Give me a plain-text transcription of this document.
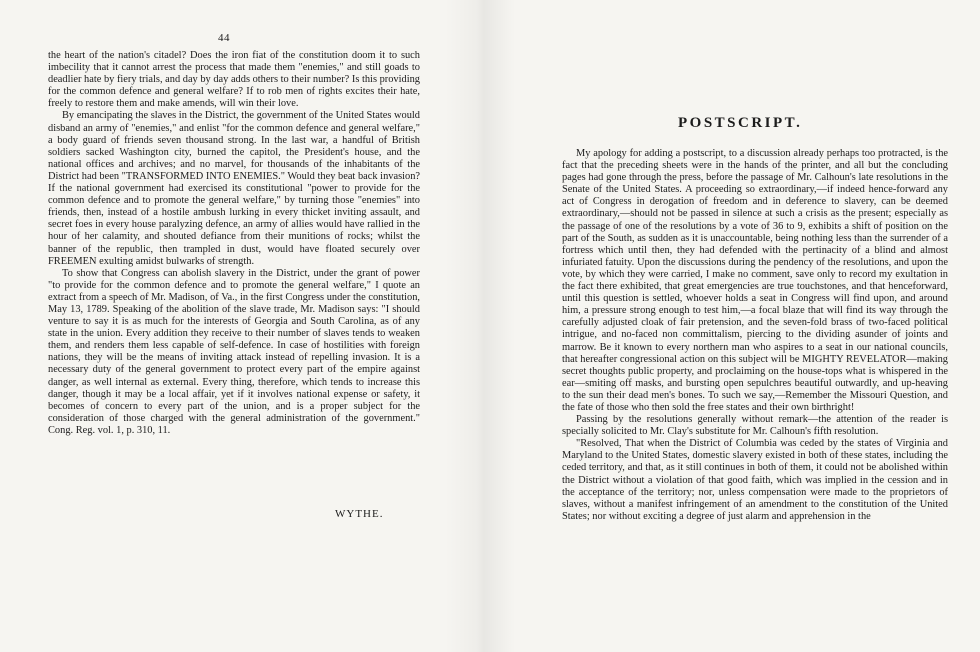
44

the heart of the nation's citadel? Does the iron fiat of the constitution doom it to such imbecility that it cannot arrest the process that made them "enemies," and still goads to deadlier hate by fiery trials, and day by day adds others to their number? Is this providing for the common defence and general welfare? If to rob men of rights excites their hate, freely to restore them and make amends, will win their love.

By emancipating the slaves in the District, the government of the United States would disband an army of "enemies," and enlist "for the common defence and general welfare," a body guard of friends seven thousand strong. In the last war, a handful of British soldiers sacked Washington city, burned the capitol, the President's house, and the national offices and archives; and no marvel, for thousands of the inhabitants of the District had been "TRANSFORMED INTO ENEMIES." Would they beat back invasion? If the national government had exercised its constitutional "power to provide for the common defence and to promote the general welfare," by turning those "enemies" into friends, then, instead of a hostile ambush lurking in every thicket inviting assault, and secret foes in every house paralyzing defence, an army of allies would have rallied in the hour of her calamity, and shouted defiance from their munitions of rocks; whilst the banner of the republic, then trampled in dust, would have floated securely over FREEMEN exulting amidst bulwarks of strength.

To show that Congress can abolish slavery in the District, under the grant of power "to provide for the common defence and to promote the general welfare," I quote an extract from a speech of Mr. Madison, of Va., in the first Congress under the constitution, May 13, 1789. Speaking of the abolition of the slave trade, Mr. Madison says: "I should venture to say it is as much for the interests of Georgia and South Carolina, as of any state in the union. Every addition they receive to their number of slaves tends to weaken them, and renders them less capable of self-defence. In case of hostilities with foreign nations, they will be the means of inviting attack instead of repelling invasion. It is a necessary duty of the general government to protect every part of the empire against danger, as well internal as external. Every thing, therefore, which tends to increase this danger, though it may be a local affair, yet if it involves national expense or safety, it becomes of concern to every part of the union, and is a proper subject for the consideration of those charged with the general administration of the government." Cong. Reg. vol. 1, p. 310, 11.

WYTHE.
POSTSCRIPT.

My apology for adding a postscript, to a discussion already perhaps too protracted, is the fact that the preceding sheets were in the hands of the printer, and all but the concluding pages had gone through the press, before the passage of Mr. Calhoun's late resolutions in the Senate of the United States. A proceeding so extraordinary,—if indeed hence-forward any act of Congress in derogation of freedom and in deference to slavery, can be deemed extraordinary,—should not be passed in silence at such a crisis as the present; especially as the passage of one of the resolutions by a vote of 36 to 9, exhibits a shift of position on the part of the South, as sudden as it is unaccountable, being nothing less than the surrender of a fortress which until then, they had defended with the pertinacity of a blind and almost infuriated fatuity. Upon the discussions during the pendency of the resolutions, and upon the vote, by which they were carried, I make no comment, save only to record my exultation in the fact there exhibited, that great emergencies are true touchstones, and that henceforward, until this question is settled, whoever holds a seat in Congress will find upon, and around him, a pressure strong enough to test him,—a focal blaze that will find its way through the carefully adjusted cloak of fair pretension, and the seven-fold brass of two-faced political intrigue, and no-faced non committalism, piercing to the dividing asunder of joints and marrow. Be it known to every northern man who aspires to a seat in our national councils, that hereafter congressional action on this subject will be MIGHTY REVELATOR—making secret thoughts public property, and proclaiming on the house-tops what is whispered in the ear—smiting off masks, and bursting open sepulchres beautiful outwardly, and up-heaving to the sun their dead men's bones. To such we say,—Remember the Missouri Question, and the fate of those who then sold the free states and their own birthright!

Passing by the resolutions generally without remark—the attention of the reader is specially solicited to Mr. Clay's substitute for Mr. Calhoun's fifth resolution.

"Resolved, That when the District of Columbia was ceded by the states of Virginia and Maryland to the United States, domestic slavery existed in both of these states, including the ceded territory, and that, as it still continues in both of them, it could not be abolished within the District without a violation of that good faith, which was implied in the cession and in the acceptance of the territory; nor, unless compensation were made to the proprietors of slaves, without a manifest infringement of an amendment to the constitution of the United States; nor without exciting a degree of just alarm and apprehension in the
